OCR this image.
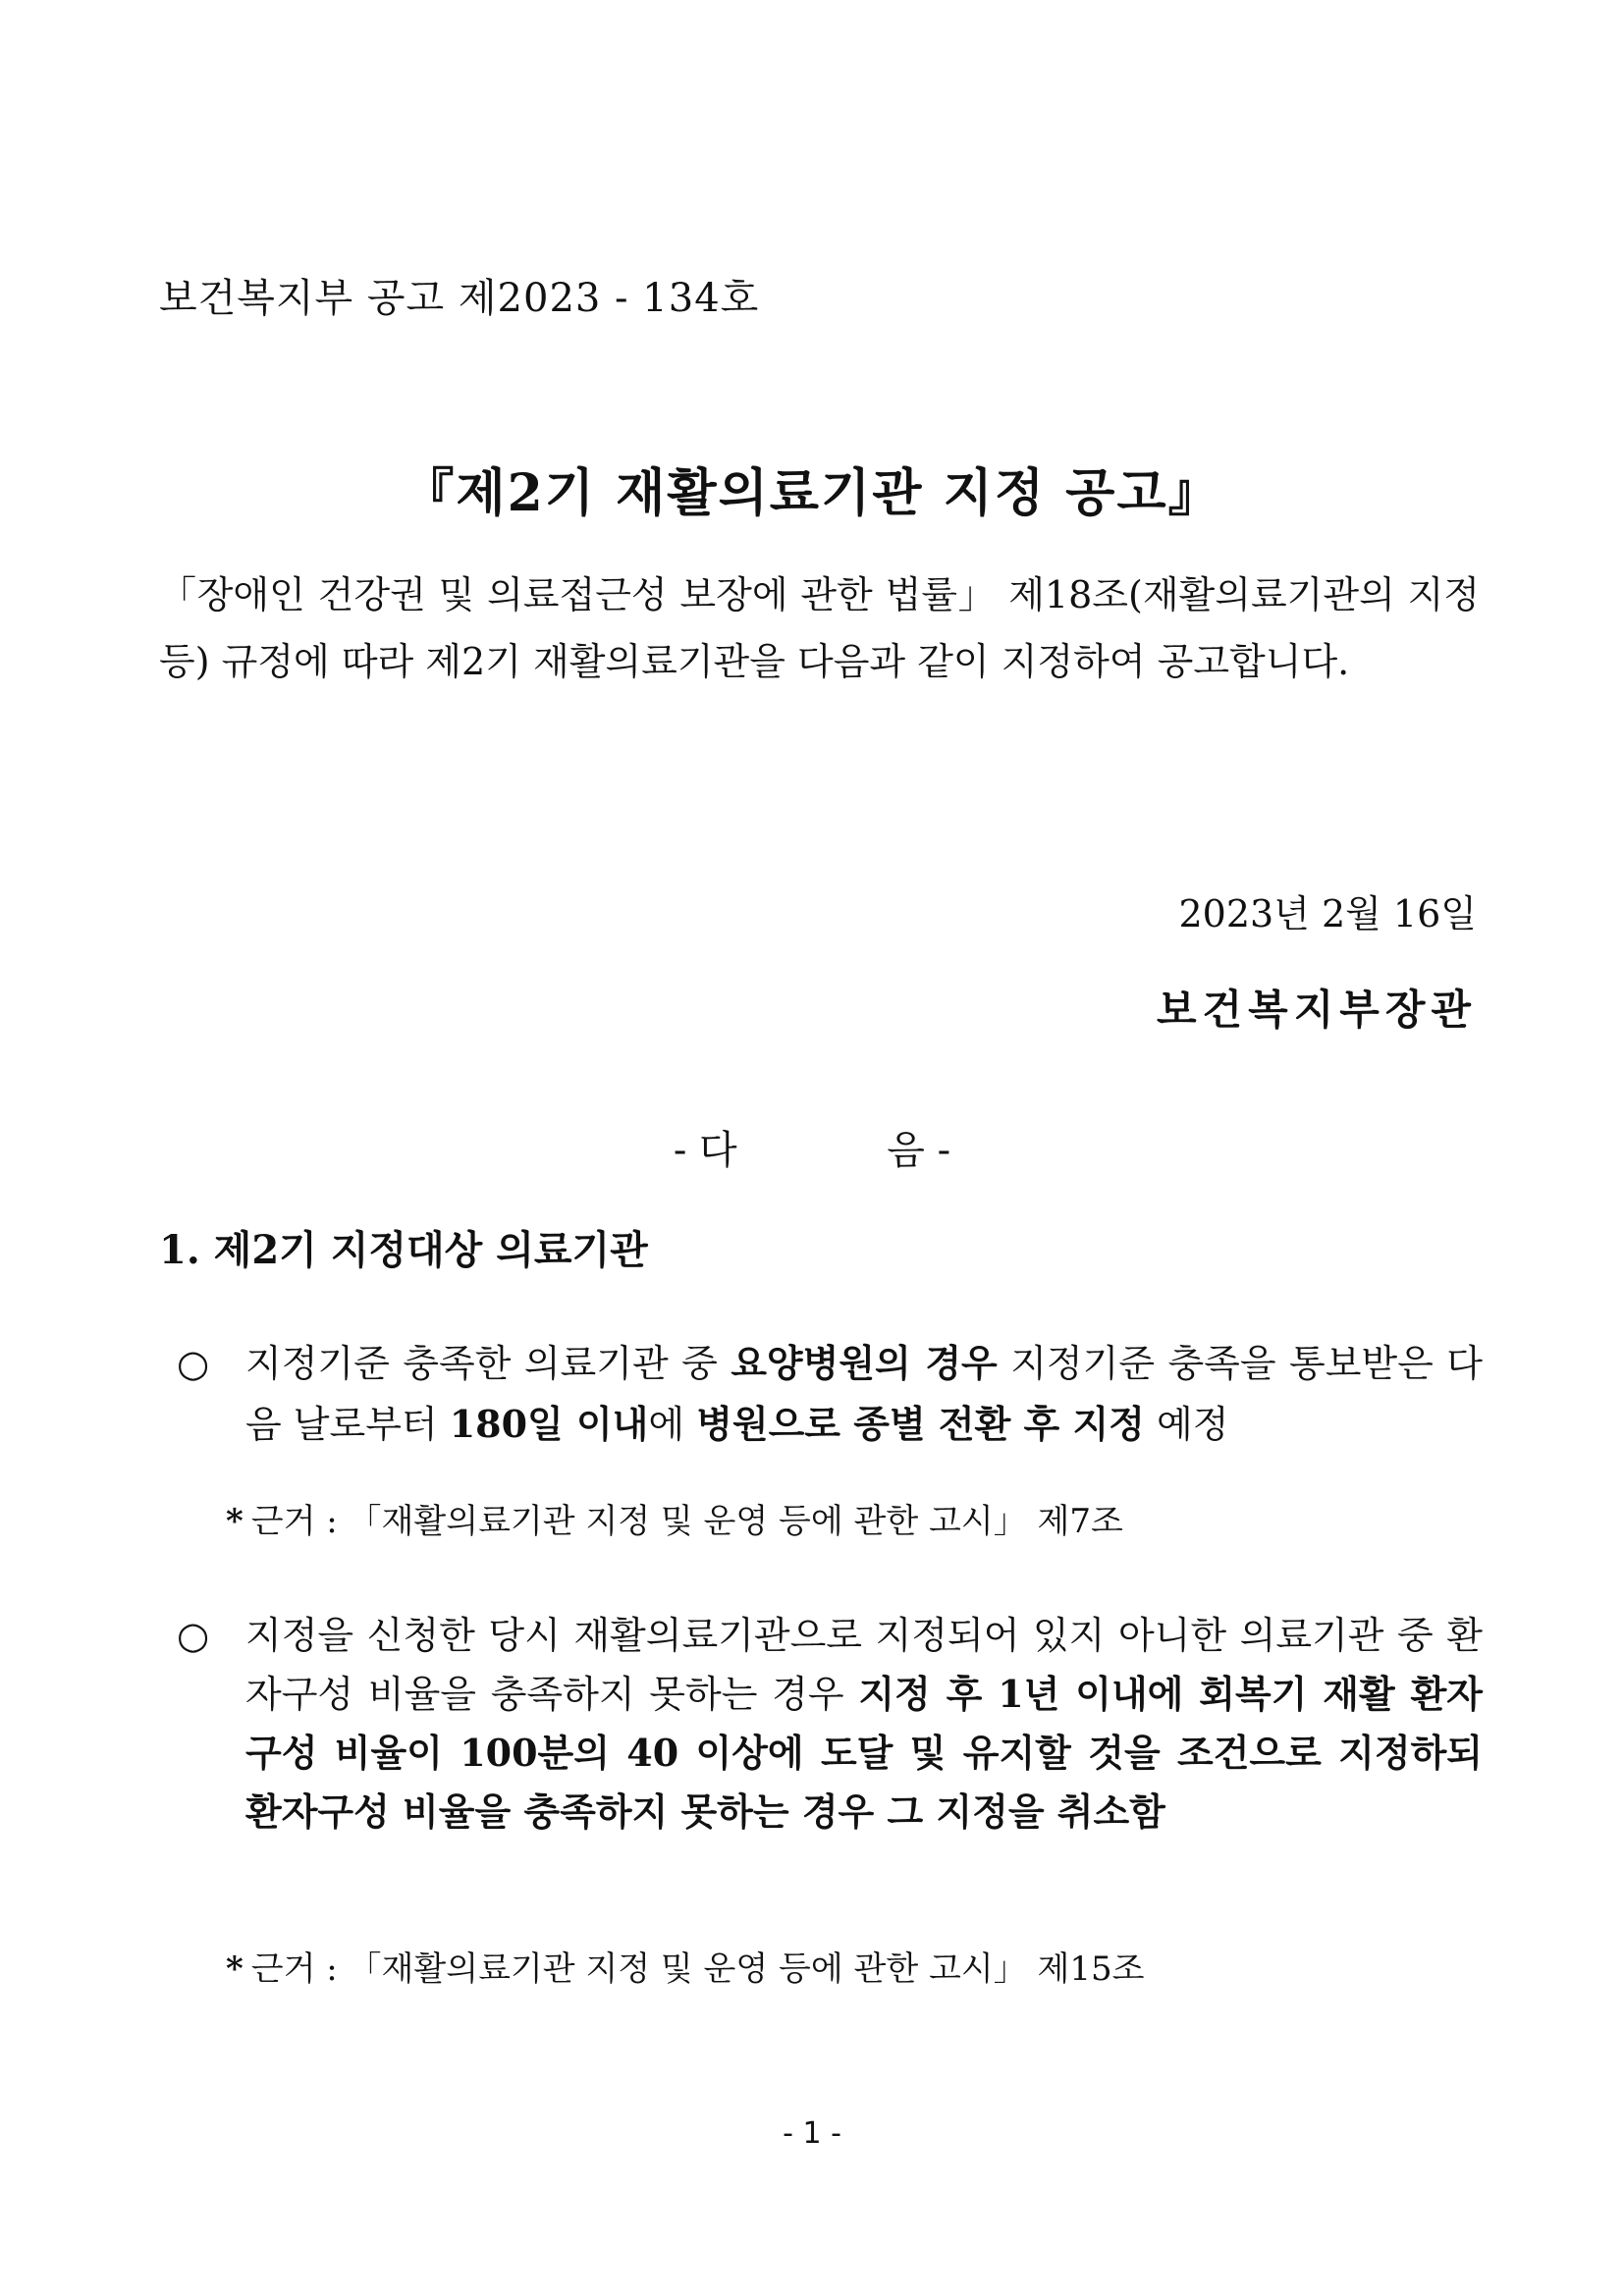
보건복지부 공고 제2023 - 134호
『제2기 재활의료기관 지정 공고』
「장애인 건강권 및 의료접근성 보장에 관한 법률」 제18조(재활의료기관의 지정 등) 규정에 따라 제2기 재활의료기관을 다음과 같이 지정하여 공고합니다.
2023년 2월 16일
보건복지부장관
- 다	음 -
1. 제2기 지정대상 의료기관
○ 지정기준 충족한 의료기관 중 요양병원의 경우 지정기준 충족을 통보받은 다음 날로부터 180일 이내에 병원으로 종별 전환 후 지정 예정
* 근거 : 「재활의료기관 지정 및 운영 등에 관한 고시」 제7조
○ 지정을 신청한 당시 재활의료기관으로 지정되어 있지 아니한 의료기관 중 환자구성 비율을 충족하지 못하는 경우 지정 후 1년 이내에 회복기 재활 환자구성 비율이 100분의 40 이상에 도달 및 유지할 것을 조건으로 지정하되 환자구성 비율을 충족하지 못하는 경우 그 지정을 취소함
* 근거 : 「재활의료기관 지정 및 운영 등에 관한 고시」 제15조
- 1 -
